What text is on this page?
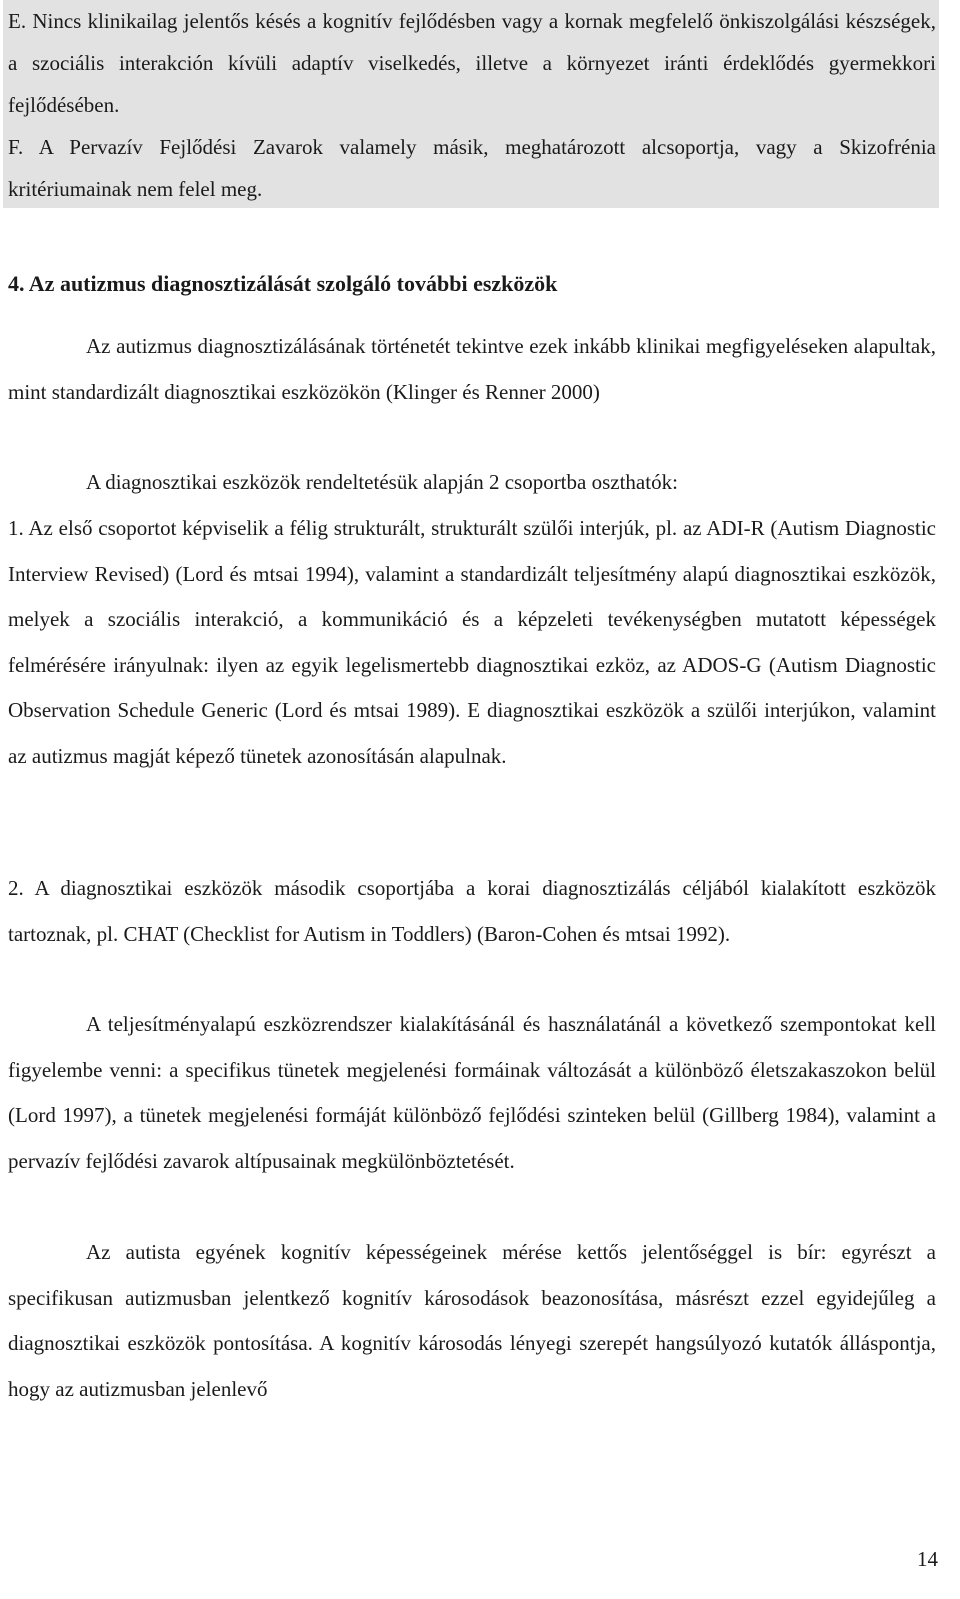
E. Nincs klinikailag jelentős késés a kognitív fejlődésben vagy a kornak megfelelő önkiszolgálási készségek, a szociális interakción kívüli adaptív viselkedés, illetve a környezet iránti érdeklődés gyermekkori fejlődésében.

F. A Pervazív Fejlődési Zavarok valamely másik, meghatározott alcsoportja, vagy a Skizofrénia kritériumainak nem felel meg.

4. Az autizmus diagnosztizálását szolgáló további eszközök

Az autizmus diagnosztizálásának történetét tekintve ezek inkább klinikai megfigyeléseken alapultak, mint standardizált diagnosztikai eszközökön (Klinger és Renner 2000)

A diagnosztikai eszközök rendeltetésük alapján 2 csoportba oszthatók:

1. Az első csoportot képviselik a félig strukturált, strukturált szülői interjúk, pl. az ADI-R (Autism Diagnostic Interview Revised) (Lord és mtsai 1994), valamint a standardizált teljesítmény alapú diagnosztikai eszközök, melyek a szociális interakció, a kommunikáció és a képzeleti tevékenységben mutatott képességek felmérésére irányulnak: ilyen az egyik legelismertebb diagnosztikai ezköz, az ADOS-G (Autism Diagnostic Observation Schedule Generic (Lord és mtsai 1989). E diagnosztikai eszközök a szülői interjúkon, valamint az autizmus magját képező tünetek azonosításán alapulnak.

2. A diagnosztikai eszközök második csoportjába a korai diagnosztizálás céljából kialakított eszközök tartoznak, pl. CHAT (Checklist for Autism in Toddlers) (Baron-Cohen és mtsai 1992).

A teljesítményalapú eszközrendszer kialakításánál és használatánál a következő szempontokat kell figyelembe venni: a specifikus tünetek megjelenési formáinak változását a különböző életszakaszokon belül (Lord 1997), a tünetek megjelenési formáját különböző fejlődési szinteken belül (Gillberg 1984), valamint a pervazív fejlődési zavarok altípusainak megkülönböztetését.

Az autista egyének kognitív képességeinek mérése kettős jelentőséggel is bír: egyrészt a specifikusan autizmusban jelentkező kognitív károsodások beazonosítása, másrészt ezzel egyidejűleg a diagnosztikai eszközök pontosítása. A kognitív károsodás lényegi szerepét hangsúlyozó kutatók álláspontja, hogy az autizmusban jelenlevő

14
